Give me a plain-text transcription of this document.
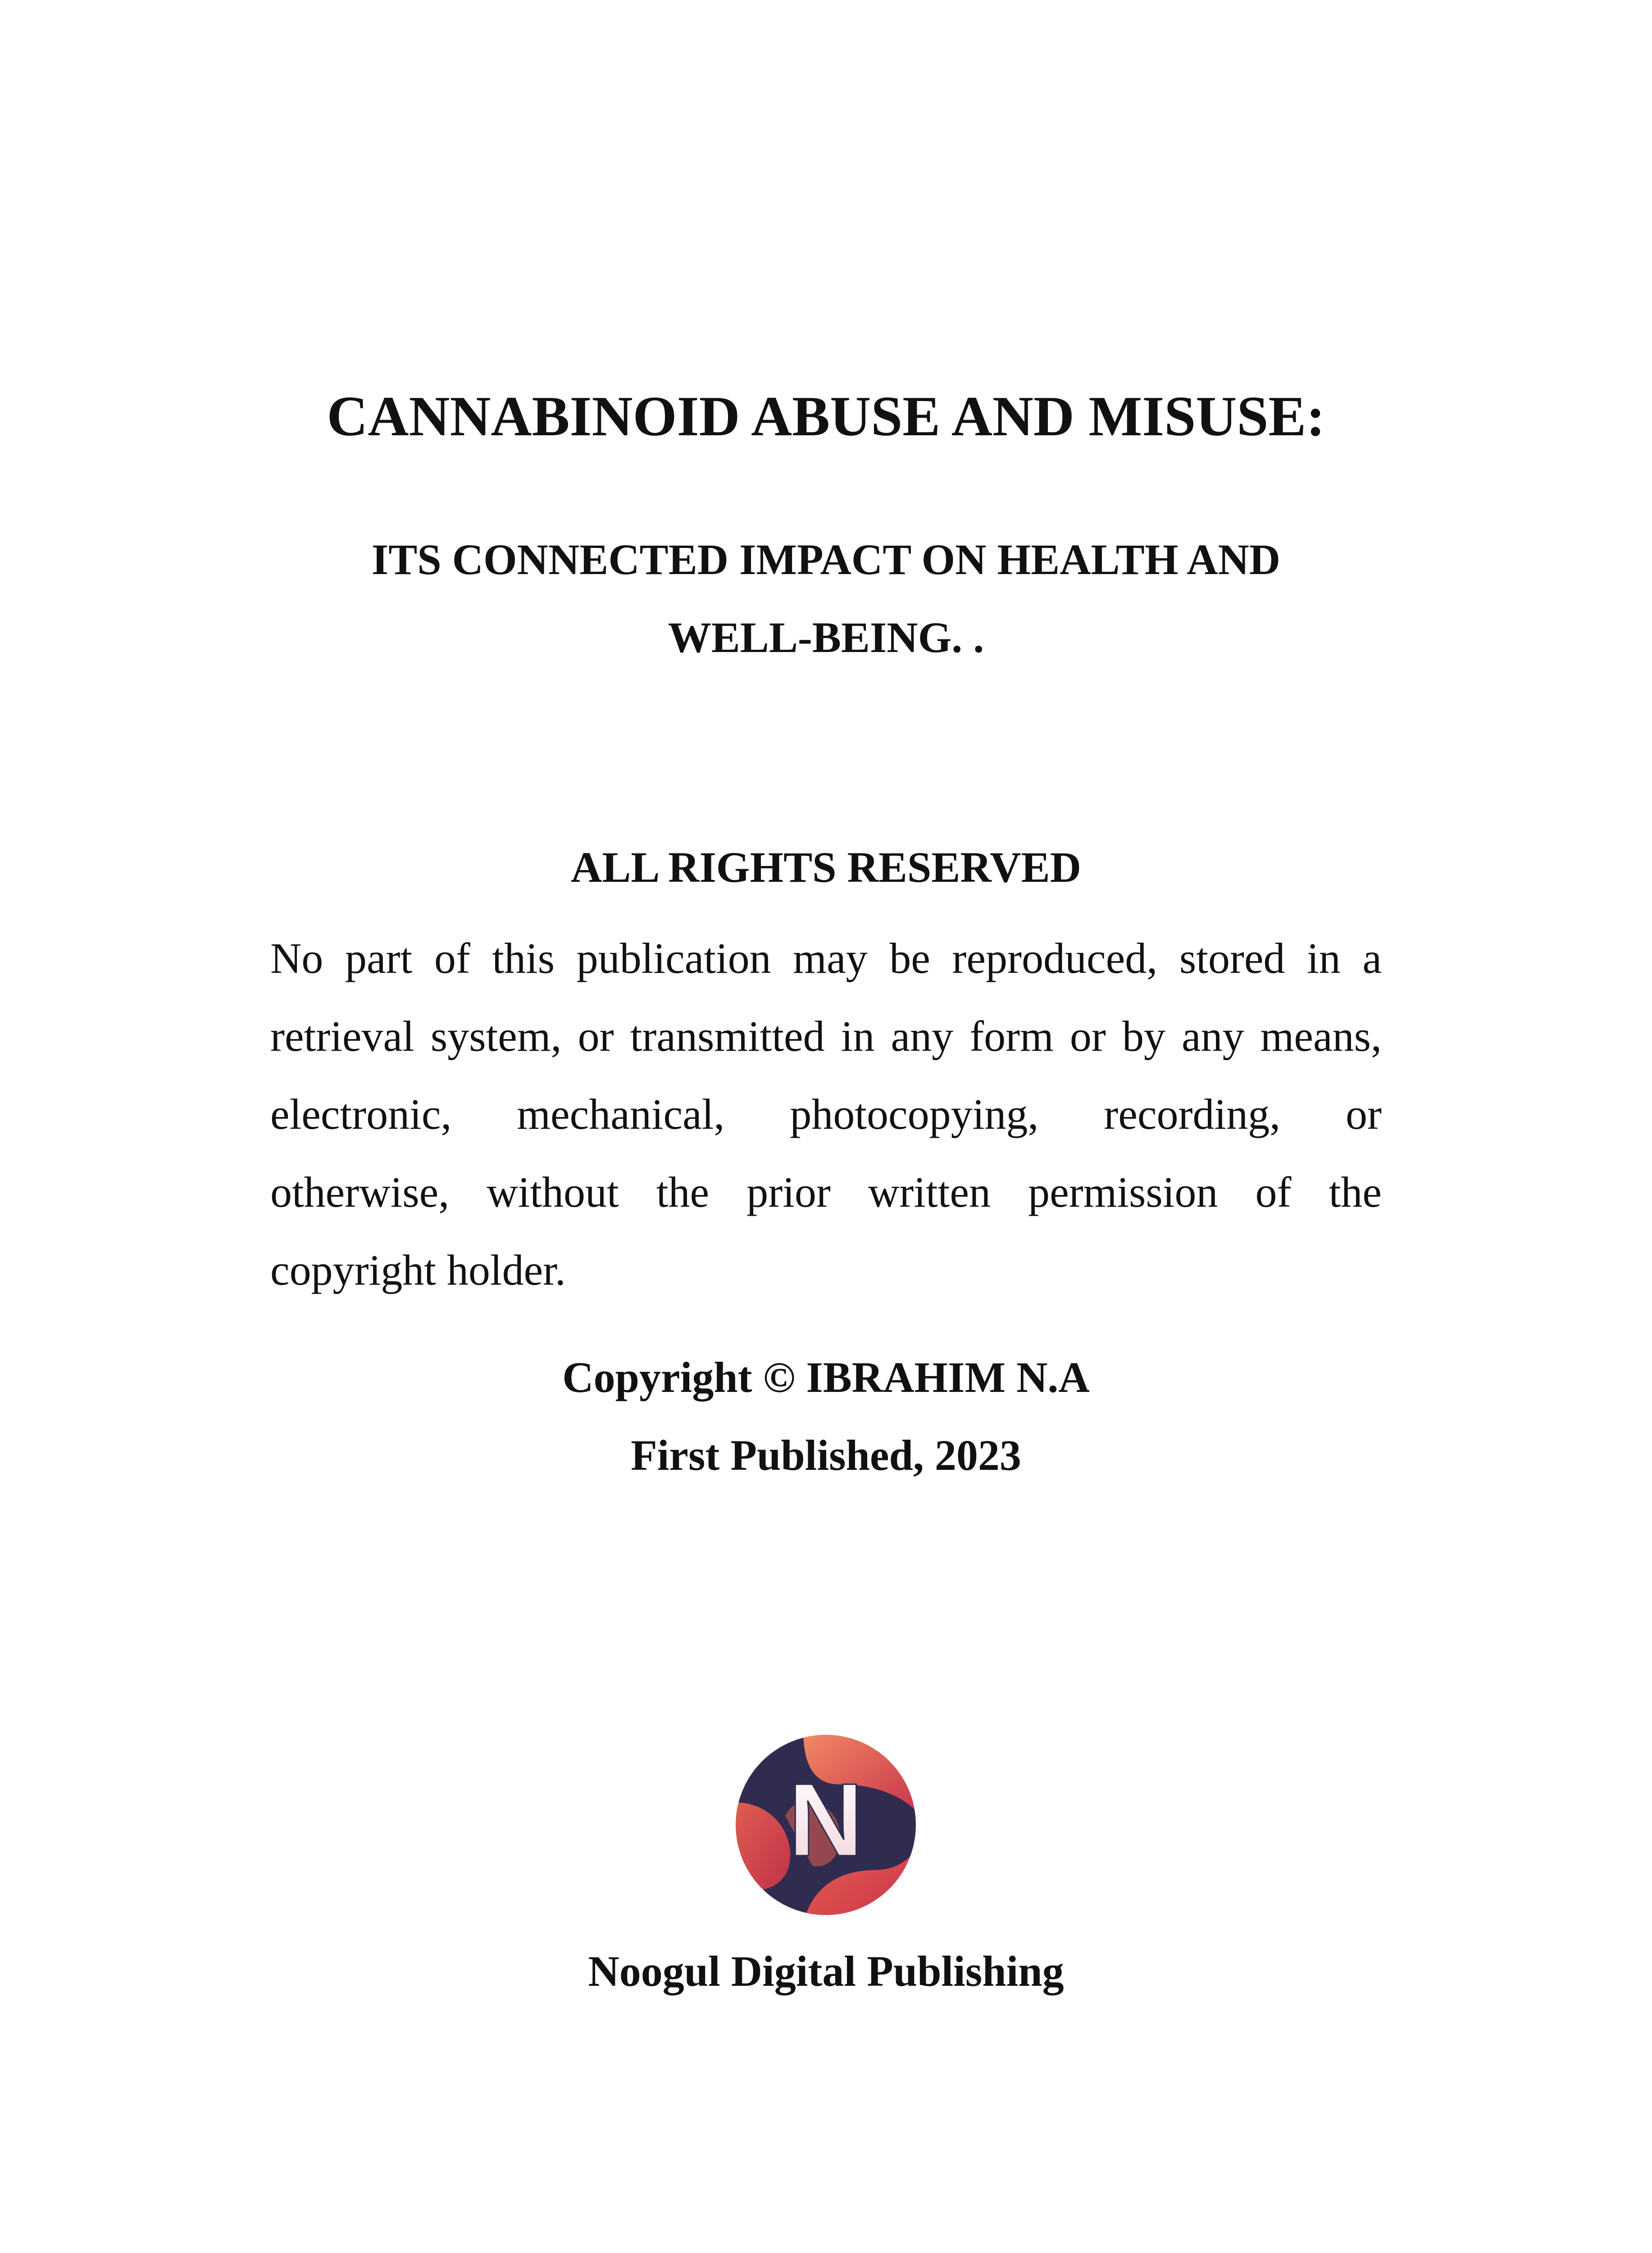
CANNABINOID ABUSE AND MISUSE:
ITS CONNECTED IMPACT ON HEALTH AND
WELL-BEING. .
ALL RIGHTS RESERVED
No part of this publication may be reproduced, stored in a
retrieval system, or transmitted in any form or by any means,
electronic, mechanical, photocopying, recording, or
otherwise, without the prior written permission of the
copyright holder.
Copyright © IBRAHIM N.A
First Published, 2023
N
Noogul Digital Publishing
